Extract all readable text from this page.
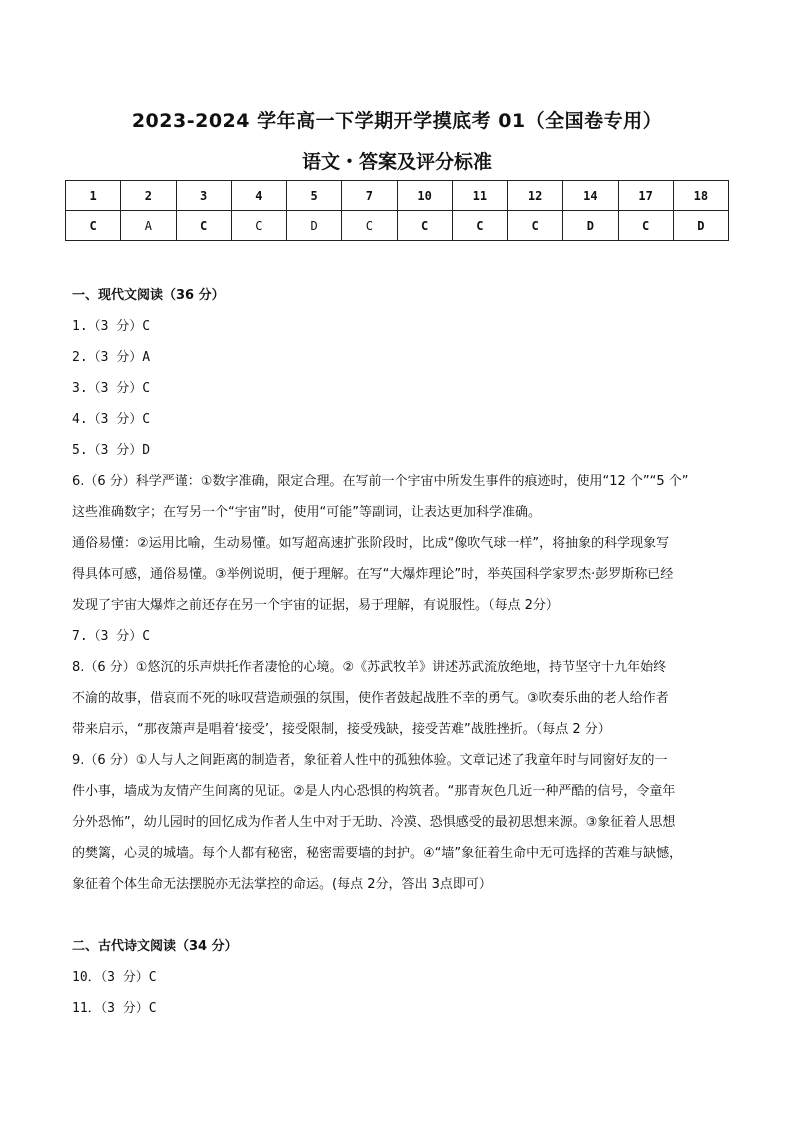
2023-2024 学年高一下学期开学摸底考 01（全国卷专用）
语文・答案及评分标准
1	2	3	4	5	7	10	11	12	14	17	18
C	A	C	C	D	C	C	C	C	D	C	D

一、现代文阅读（36 分）

1.（3 分）C

2.（3 分）A

3.（3 分）C

4.（3 分）C

5.（3 分）D

6.（6 分）科学严谨：①数字准确，限定合理。在写前一个宇宙中所发生事件的痕迹时，使用“12 个”“5 个”

这些准确数字；在写另一个“宇宙”时，使用“可能”等副词，让表达更加科学准确。

通俗易懂：②运用比喻，生动易懂。如写超高速扩张阶段时，比成“像吹气球一样”，将抽象的科学现象写

得具体可感，通俗易懂。③举例说明，便于理解。在写“大爆炸理论”时，举英国科学家罗杰·彭罗斯称已经

发现了宇宙大爆炸之前还存在另一个宇宙的证据，易于理解，有说服性。（每点 2分）

7.（3 分）C

8.（6 分）①悠沉的乐声烘托作者凄怆的心境。②《苏武牧羊》讲述苏武流放绝地，持节坚守十九年始终

不渝的故事，借哀而不死的咏叹营造顽强的氛围，使作者鼓起战胜不幸的勇气。③吹奏乐曲的老人给作者

带来启示，“那夜箫声是唱着‘接受’，接受限制，接受残缺，接受苦难”战胜挫折。（每点 2 分）

9.（6 分）①人与人之间距离的制造者，象征着人性中的孤独体验。文章记述了我童年时与同窗好友的一

件小事，墙成为友情产生间离的见证。②是人内心恐惧的构筑者。“那青灰色几近一种严酷的信号，令童年

分外恐怖”，幼儿园时的回忆成为作者人生中对于无助、冷漠、恐惧感受的最初思想来源。③象征着人思想

的樊篱，心灵的城墙。每个人都有秘密，秘密需要墙的封护。④“墙”象征着生命中无可选择的苦难与缺憾，

象征着个体生命无法摆脱亦无法掌控的命运。(每点 2分，答出 3点即可）

二、古代诗文阅读（34 分）

10．（3 分）C

11．（3 分）C
